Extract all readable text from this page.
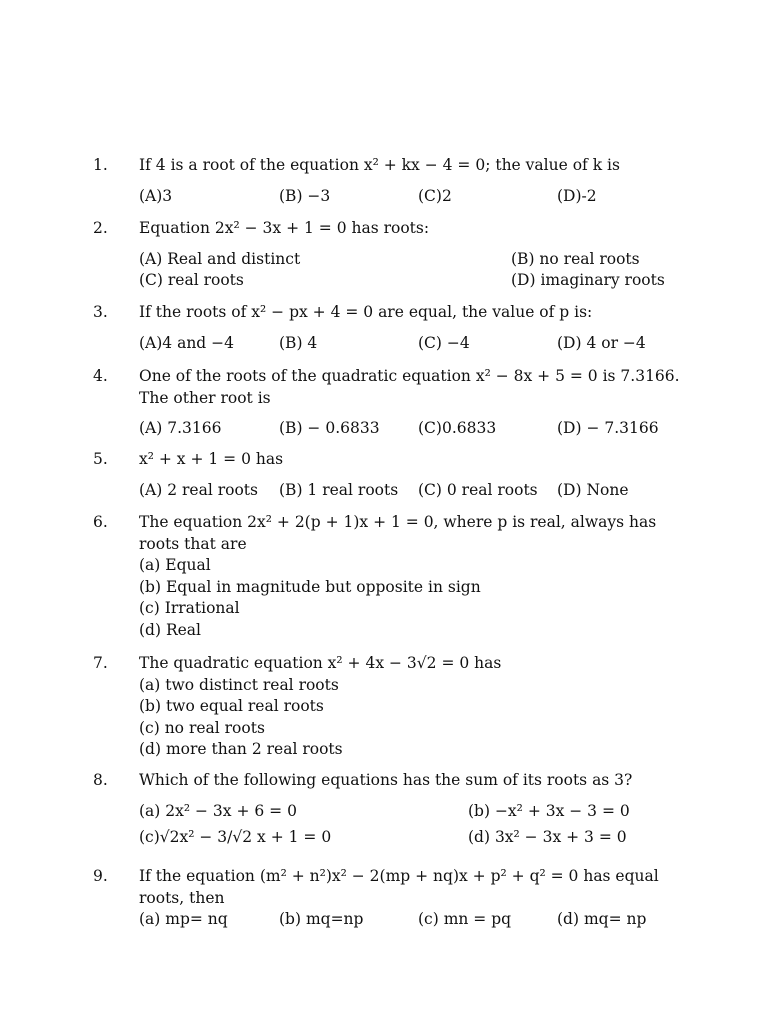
1. If 4 is a root of the equation x² + kx − 4 = 0; the value of k is
(A)3	(B) −3	(C)2	(D)-2
2. Equation 2x² − 3x + 1 = 0 has roots:
(A) Real and distinct	(B) no real roots
(C) real roots	(D) imaginary roots
3. If the roots of x² − px + 4 = 0 are equal, the value of p is:
(A)4 and −4	(B) 4	(C) −4	(D) 4 or −4
4. One of the roots of the quadratic equation x² − 8x + 5 = 0 is 7.3166.
The other root is
(A) 7.3166	(B) − 0.6833 (C)0.6833	(D) − 7.3166
5. x² + x + 1 = 0 has
(A) 2 real roots (B) 1 real roots (C) 0 real roots (D) None
6. The equation 2x² + 2(p + 1)x + 1 = 0, where p is real, always has
roots that are
(a) Equal
(b) Equal in magnitude but opposite in sign
(c) Irrational
(d) Real
7. The quadratic equation x² + 4x − 3√2 = 0 has
(a) two distinct real roots
(b) two equal real roots
(c) no real roots
(d) more than 2 real roots
8. Which of the following equations has the sum of its roots as 3?
(a) 2x² − 3x + 6 = 0	(b) −x² + 3x − 3 = 0
(c)√2x² − 3/√2 x + 1 = 0	(d) 3x² − 3x + 3 = 0
9. If the equation (m² + n²)x² − 2(mp + nq)x + p² + q² = 0 has equal
roots, then
(a) mp= nq	(b) mq=np	(c) mn = pq	(d) mq= np
